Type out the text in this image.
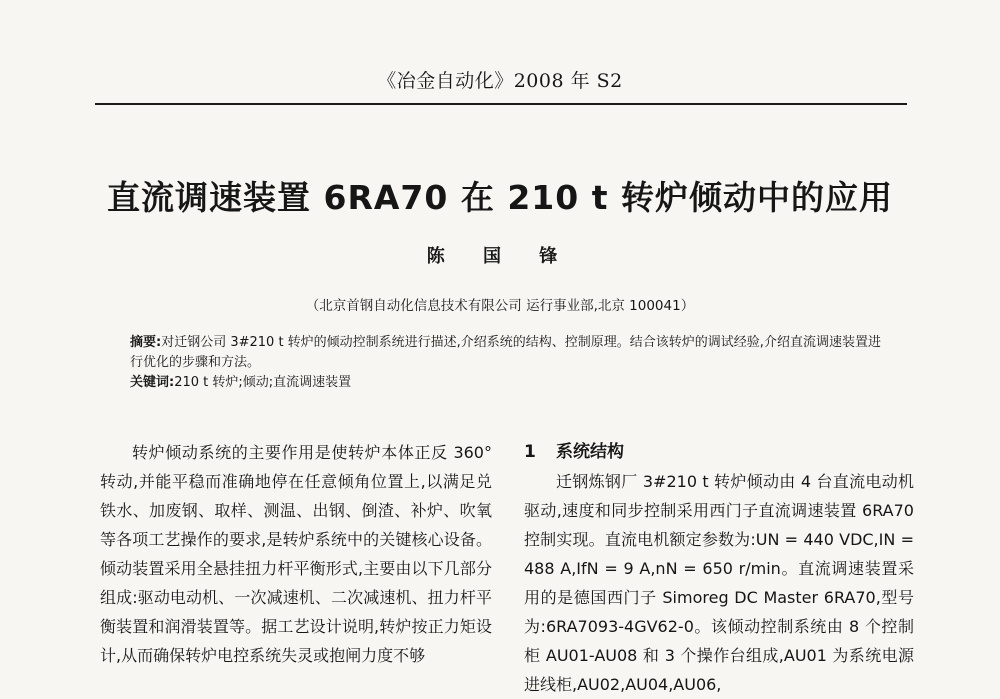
《冶金自动化》2008 年 S2
直流调速装置 6RA70 在 210 t 转炉倾动中的应用
陈 国 锋
（北京首钢自动化信息技术有限公司 运行事业部,北京 100041）

摘要:对迁钢公司 3#210 t 转炉的倾动控制系统进行描述,介绍系统的结构、控制原理。结合该转炉的调试经验,介绍直流调速装置进行优化的步骤和方法。

关键词:210 t 转炉;倾动;直流调速装置

转炉倾动系统的主要作用是使转炉本体正反 360°转动,并能平稳而准确地停在任意倾角位置上,以满足兑铁水、加废钢、取样、测温、出钢、倒渣、补炉、吹氧等各项工艺操作的要求,是转炉系统中的关键核心设备。倾动装置采用全悬挂扭力杆平衡形式,主要由以下几部分组成:驱动电动机、一次减速机、二次减速机、扭力杆平衡装置和润滑装置等。据工艺设计说明,转炉按正力矩设计,从而确保转炉电控系统失灵或抱闸力度不够

1 系统结构

迁钢炼钢厂 3#210 t 转炉倾动由 4 台直流电动机驱动,速度和同步控制采用西门子直流调速装置 6RA70 控制实现。直流电机额定参数为:UN = 440 VDC,IN = 488 A,IfN = 9 A,nN = 650 r/min。直流调速装置采用的是德国西门子 Simoreg DC Master 6RA70,型号为:6RA7093-4GV62-0。该倾动控制系统由 8 个控制柜 AU01-AU08 和 3 个操作台组成,AU01 为系统电源进线柜,AU02,AU04,AU06,
